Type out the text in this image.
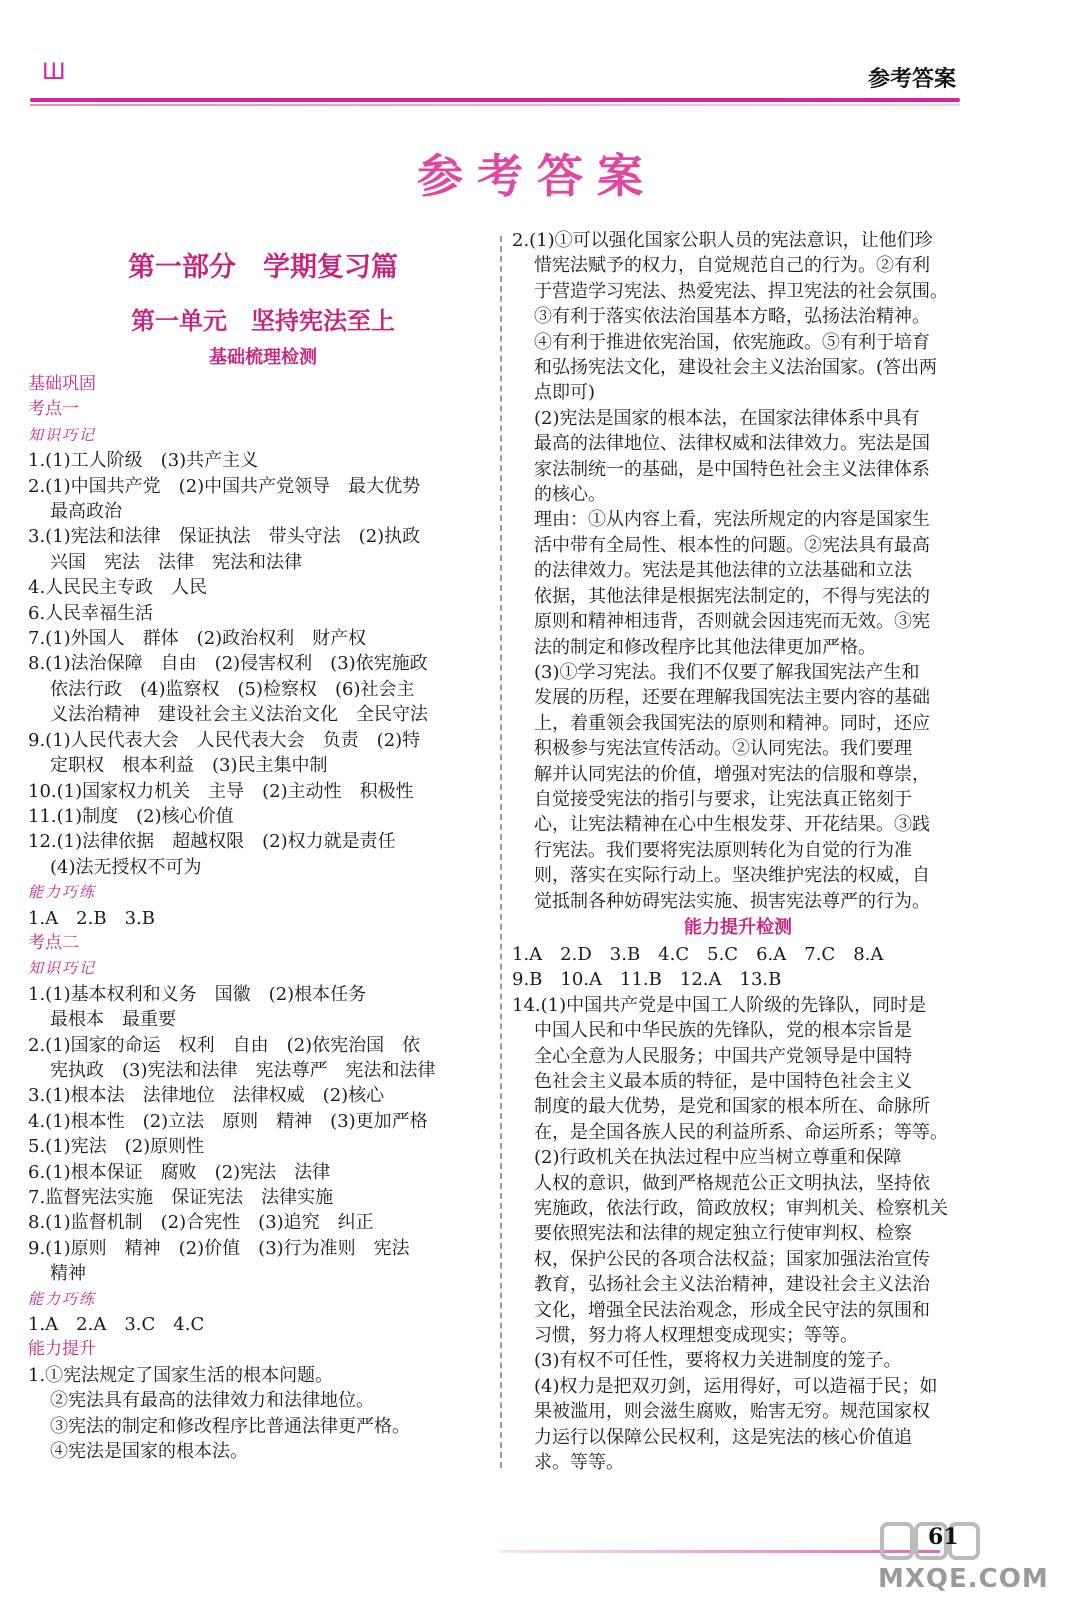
Ш	参考答案
参考答案
第一部分　学期复习篇
第一单元　坚持宪法至上
基础梳理检测
基础巩固
考点一
知识巧记
1.(1)工人阶级　(3)共产主义
2.(1)中国共产党　(2)中国共产党领导　最大优势
最高政治
3.(1)宪法和法律　保证执法　带头守法　(2)执政
兴国　宪法　法律　宪法和法律
4.人民民主专政　人民
6.人民幸福生活
7.(1)外国人　群体　(2)政治权利　财产权
8.(1)法治保障　自由　(2)侵害权利　(3)依宪施政
依法行政　(4)监察权　(5)检察权　(6)社会主
义法治精神　建设社会主义法治文化　全民守法
9.(1)人民代表大会　人民代表大会　负责　(2)特
定职权　根本利益　(3)民主集中制
10.(1)国家权力机关　主导　(2)主动性　积极性
11.(1)制度　(2)核心价值
12.(1)法律依据　超越权限　(2)权力就是责任
(4)法无授权不可为
能力巧练
1.A　2.B　3.B
考点二
知识巧记
1.(1)基本权利和义务　国徽　(2)根本任务
最根本　最重要
2.(1)国家的命运　权利　自由　(2)依宪治国　依
宪执政　(3)宪法和法律　宪法尊严　宪法和法律
3.(1)根本法　法律地位　法律权威　(2)核心
4.(1)根本性　(2)立法　原则　精神　(3)更加严格
5.(1)宪法　(2)原则性
6.(1)根本保证　腐败　(2)宪法　法律
7.监督宪法实施　保证宪法　法律实施
8.(1)监督机制　(2)合宪性　(3)追究　纠正
9.(1)原则　精神　(2)价值　(3)行为准则　宪法
精神
能力巧练
1.A　2.A　3.C　4.C
能力提升
1.①宪法规定了国家生活的根本问题。
②宪法具有最高的法律效力和法律地位。
③宪法的制定和修改程序比普通法律更严格。
④宪法是国家的根本法。
2.(1)①可以强化国家公职人员的宪法意识，让他们珍
惜宪法赋予的权力，自觉规范自己的行为。②有利
于营造学习宪法、热爱宪法、捍卫宪法的社会氛围。
③有利于落实依法治国基本方略，弘扬法治精神。
④有利于推进依宪治国，依宪施政。⑤有利于培育
和弘扬宪法文化，建设社会主义法治国家。(答出两
点即可)
(2)宪法是国家的根本法，在国家法律体系中具有
最高的法律地位、法律权威和法律效力。宪法是国
家法制统一的基础，是中国特色社会主义法律体系
的核心。
理由：①从内容上看，宪法所规定的内容是国家生
活中带有全局性、根本性的问题。②宪法具有最高
的法律效力。宪法是其他法律的立法基础和立法
依据，其他法律是根据宪法制定的，不得与宪法的
原则和精神相违背，否则就会因违宪而无效。③宪
法的制定和修改程序比其他法律更加严格。
(3)①学习宪法。我们不仅要了解我国宪法产生和
发展的历程，还要在理解我国宪法主要内容的基础
上，着重领会我国宪法的原则和精神。同时，还应
积极参与宪法宣传活动。②认同宪法。我们要理
解并认同宪法的价值，增强对宪法的信服和尊崇，
自觉接受宪法的指引与要求，让宪法真正铭刻于
心，让宪法精神在心中生根发芽、开花结果。③践
行宪法。我们要将宪法原则转化为自觉的行为准
则，落实在实际行动上。坚决维护宪法的权威，自
觉抵制各种妨碍宪法实施、损害宪法尊严的行为。
能力提升检测
1.A　2.D　3.B　4.C　5.C　6.A　7.C　8.A
9.B　10.A　11.B　12.A　13.B
14.(1)中国共产党是中国工人阶级的先锋队，同时是
中国人民和中华民族的先锋队，党的根本宗旨是
全心全意为人民服务；中国共产党领导是中国特
色社会主义最本质的特征，是中国特色社会主义
制度的最大优势，是党和国家的根本所在、命脉所
在，是全国各族人民的利益所系、命运所系；等等。
(2)行政机关在执法过程中应当树立尊重和保障
人权的意识，做到严格规范公正文明执法，坚持依
宪施政，依法行政，简政放权；审判机关、检察机关
要依照宪法和法律的规定独立行使审判权、检察
权，保护公民的各项合法权益；国家加强法治宣传
教育，弘扬社会主义法治精神，建设社会主义法治
文化，增强全民法治观念，形成全民守法的氛围和
习惯，努力将人权理想变成现实；等等。
(3)有权不可任性，要将权力关进制度的笼子。
(4)权力是把双刃剑，运用得好，可以造福于民；如
果被滥用，则会滋生腐败，贻害无穷。规范国家权
力运行以保障公民权利，这是宪法的核心价值追
求。等等。
61
MXQE.COM
